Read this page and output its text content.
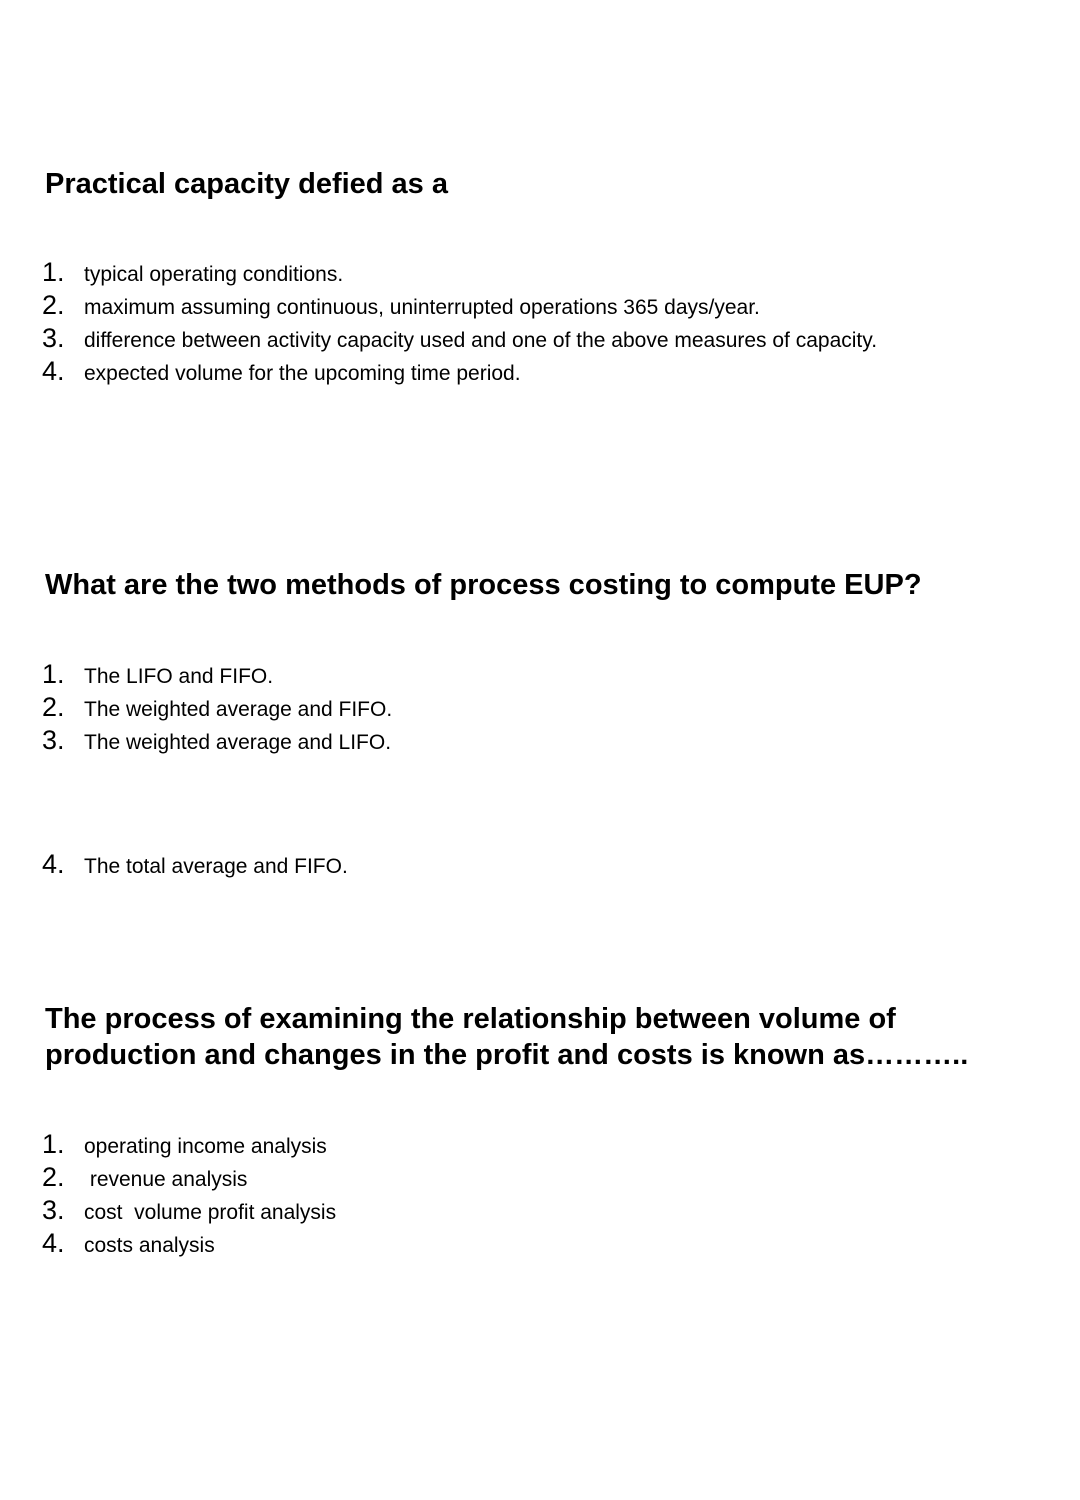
Practical capacity defied as a
1. typical operating conditions.
2. maximum assuming continuous, uninterrupted operations 365 days/year.
3. difference between activity capacity used and one of the above measures of capacity.
4. expected volume for the upcoming time period.
What are the two methods of process costing to compute EUP?
1. The LIFO and FIFO.
2. The weighted average and FIFO.
3. The weighted average and LIFO.
4. The total average and FIFO.
The process of examining the relationship between volume of
production and changes in the profit and costs is known as………..
1. operating income analysis
2. revenue analysis
3. cost  volume profit analysis
4. costs analysis
